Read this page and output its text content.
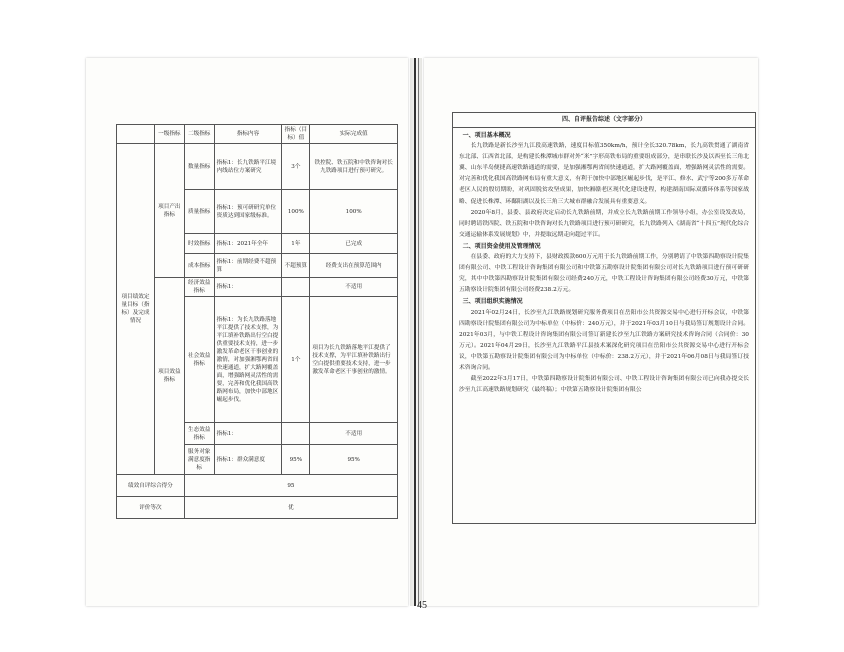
	一级指标	二级指标	指标内容	指标（目标）值	实际完成值
项目绩效定量目标（指标）及完成情况	项目产出指标	数量指标	指标1：长九铁路平江境内线站位方案研究	3个	铁控院、铁五院和中铁咨询对长九铁路项目进行预可研究。
		质量指标	指标1：预可研研究单位资质达到国家级标准。	100%	100%
		时效指标	指标1：2021年全年	1年	已完成
		成本指标	指标1：前期经费不超预算	不超预算	经费支出在预算范围内
	项目效益指标	经济效益指标	指标1：		不适用
		社会效益指标	指标1：为长九铁路落地平江提供了技术支撑，为平江填补铁路出行空白提供重要技术支持，进一步激发革命老区干事创业的激情，对加强湘鄂两省间快速通道，扩大路网覆盖面，增强路网灵活性的需要，完善和优化我国高铁路网布局，加快中部地区崛起步伐。	1个	项目为长九铁路落地平江提供了技术支撑，为平江填补铁路出行空白提供重要技术支持，进一步激发革命老区干事创业的激情。
		生态效益指标	指标1：		不适用
		服务对象满意度指标	指标1：群众满意度	95%	95%
绩效自评综合得分		95			
评价等次		优			
四、自评报告综述（文字部分）
一、项目基本概况

长九铁路是新长沙至九江段高速铁路，速度目标值350km/h，预计全长320.78km，长九高铁贯通了湖南省东北部、江西省北部，是构建长株潭城市群对外“米”字形高铁布局的重要组成部分，是串联长沙及以西至长三角北翼、山东半岛便捷高速铁路通道的需要，是加强湘鄂两省间快速通道，扩大路网覆盖面，增强路网灵活性的需要。对完善和优化我国高铁路网布局有重大意义，有利于加快中部地区崛起步伐，是平江、修水、武宁等200多万革命老区人民的殷切期盼，对巩固脱贫攻坚成果，加快湘赣老区现代化建设进程，构建湖南国际双循环体系等国家战略、促进长株潭、环鄱阳湖以及长三角三大城市群融合发展具有重要意义。

2020年8月，县委、县政府决定启动长九铁路前期，并成立长九铁路前期工作领导小组，办公室设发改局，同时聘请铁四院、铁五院和中铁咨询对长九铁路项目进行预可研研究，长九铁路列入《湖南省“十四五”现代化综合交通运输体系发展规划》中，并提取远期走向超过平江。

二、项目资金使用及管理情况

在县委、政府的大力支持下，县财政拨款600万元用于长九铁路前期工作，分别聘请了中铁第四勘察设计院集团有限公司、中铁工程设计咨询集团有限公司和中铁第五勘察设计院集团有限公司对长九铁路项目进行预可研研究，其中中铁第四勘察设计院集团有限公司经费240万元，中铁工程设计咨询集团有限公司经费30万元，中铁第五勘察设计院集团有限公司经费238.2万元。

三、项目组织实施情况

2021年02月24日，长沙至九江铁路规划研究服务费项目在岳阳市公共资源交易中心进行开标会议，中铁第四勘察设计院集团有限公司为中标单位（中标价：240万元），并于2021年03月10日与我局签订规划设计合同。2021年03月，与中铁工程设计咨询集团有限公司签订新建长沙至九江铁路方案研究技术咨询合同（合同价：30万元）。2021年04月29日，长沙至九江铁路平江县技术案深化研究项目在岳阳市公共资源交易中心进行开标会议，中铁第五勘察设计院集团有限公司为中标单位（中标价：238.2万元），并于2021年06月08日与我局签订技术咨询合同。

截至2022年3月17日，中铁第四勘察设计院集团有限公司、中铁工程设计咨询集团有限公司已向我办提交长沙至九江高速铁路规划研究（最终稿）；中铁第五勘察设计院集团有限公

45
